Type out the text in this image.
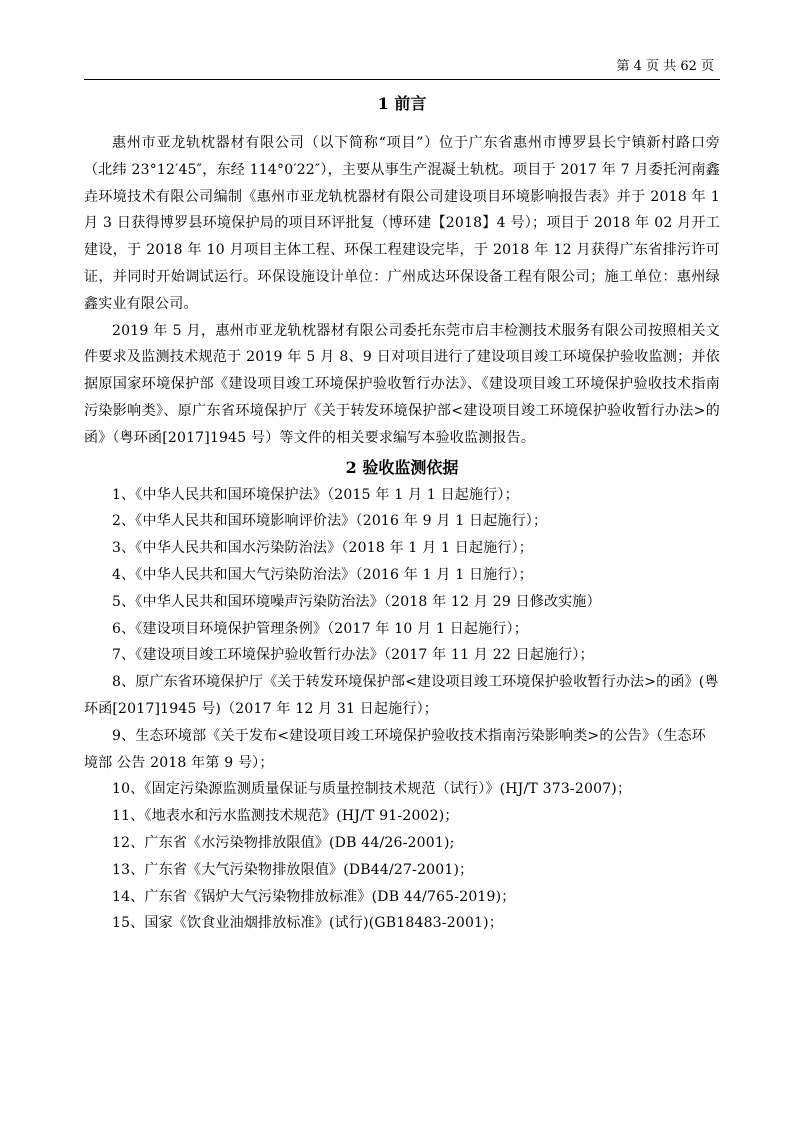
第 4 页 共 62 页
1 前言

惠州市亚龙轨枕器材有限公司（以下简称“项目”）位于广东省惠州市博罗县长宁镇新村路口旁（北纬 23°12′45″，东经 114°0′22″），主要从事生产混凝土轨枕。项目于 2017 年 7 月委托河南鑫垚环境技术有限公司编制《惠州市亚龙轨枕器材有限公司建设项目环境影响报告表》并于 2018 年 1 月 3 日获得博罗县环境保护局的项目环评批复（博环建【2018】4 号）；项目于 2018 年 02 月开工建设，于 2018 年 10 月项目主体工程、环保工程建设完毕，于 2018 年 12 月获得广东省排污许可证，并同时开始调试运行。环保设施设计单位：广州成达环保设备工程有限公司；施工单位：惠州绿鑫实业有限公司。

2019 年 5 月，惠州市亚龙轨枕器材有限公司委托东莞市启丰检测技术服务有限公司按照相关文件要求及监测技术规范于 2019 年 5 月 8、9 日对项目进行了建设项目竣工环境保护验收监测；并依据原国家环境保护部《建设项目竣工环境保护验收暂行办法》、《建设项目竣工环境保护验收技术指南污染影响类》、原广东省环境保护厅《关于转发环境保护部<建设项目竣工环境保护验收暂行办法>的函》（粤环函[2017]1945 号）等文件的相关要求编写本验收监测报告。

2 验收监测依据

1、《中华人民共和国环境保护法》（2015 年 1 月 1 日起施行）；

2、《中华人民共和国环境影响评价法》（2016 年 9 月 1 日起施行）；

3、《中华人民共和国水污染防治法》（2018 年 1 月 1 日起施行）；

4、《中华人民共和国大气污染防治法》（2016 年 1 月 1 日施行）；

5、《中华人民共和国环境噪声污染防治法》（2018 年 12 月 29 日修改实施）

6、《建设项目环境保护管理条例》（2017 年 10 月 1 日起施行）；

7、《建设项目竣工环境保护验收暂行办法》（2017 年 11 月 22 日起施行）；

8、原广东省环境保护厅《关于转发环境保护部<建设项目竣工环境保护验收暂行办法>的函》(粤环函[2017]1945 号)（2017 年 12 月 31 日起施行）；

9、生态环境部《关于发布<建设项目竣工环境保护验收技术指南污染影响类>的公告》（生态环境部 公告 2018 年第 9 号）；

10、《固定污染源监测质量保证与质量控制技术规范（试行）》(HJ/T 373-2007)；

11、《地表水和污水监测技术规范》(HJ/T 91-2002)；

12、广东省《水污染物排放限值》(DB 44/26-2001);

13、广东省《大气污染物排放限值》(DB44/27-2001)；

14、广东省《锅炉大气污染物排放标准》(DB 44/765-2019)；

15、国家《饮食业油烟排放标准》(试行)(GB18483-2001)；
